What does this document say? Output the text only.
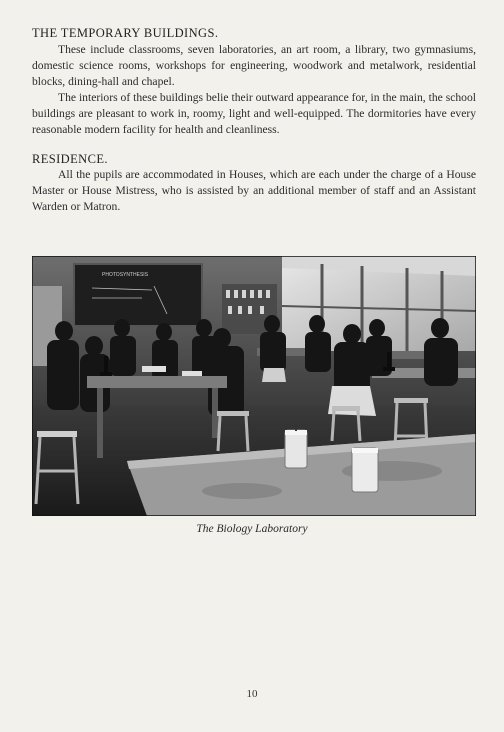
THE TEMPORARY BUILDINGS.
These include classrooms, seven laboratories, an art room, a library, two gymnasiums, domestic science rooms, workshops for engineering, woodwork and metalwork, residential blocks, dining-hall and chapel.
The interiors of these buildings belie their outward appearance for, in the main, the school buildings are pleasant to work in, roomy, light and well-equipped. The dormitories have every reasonable modern facility for health and cleanliness.
RESIDENCE.
All the pupils are accommodated in Houses, which are each under the charge of a House Master or House Mistress, who is assisted by an additional member of staff and an Assistant Warden or Matron.
PHOTOSYNTHESIS
The Biology Laboratory
10
